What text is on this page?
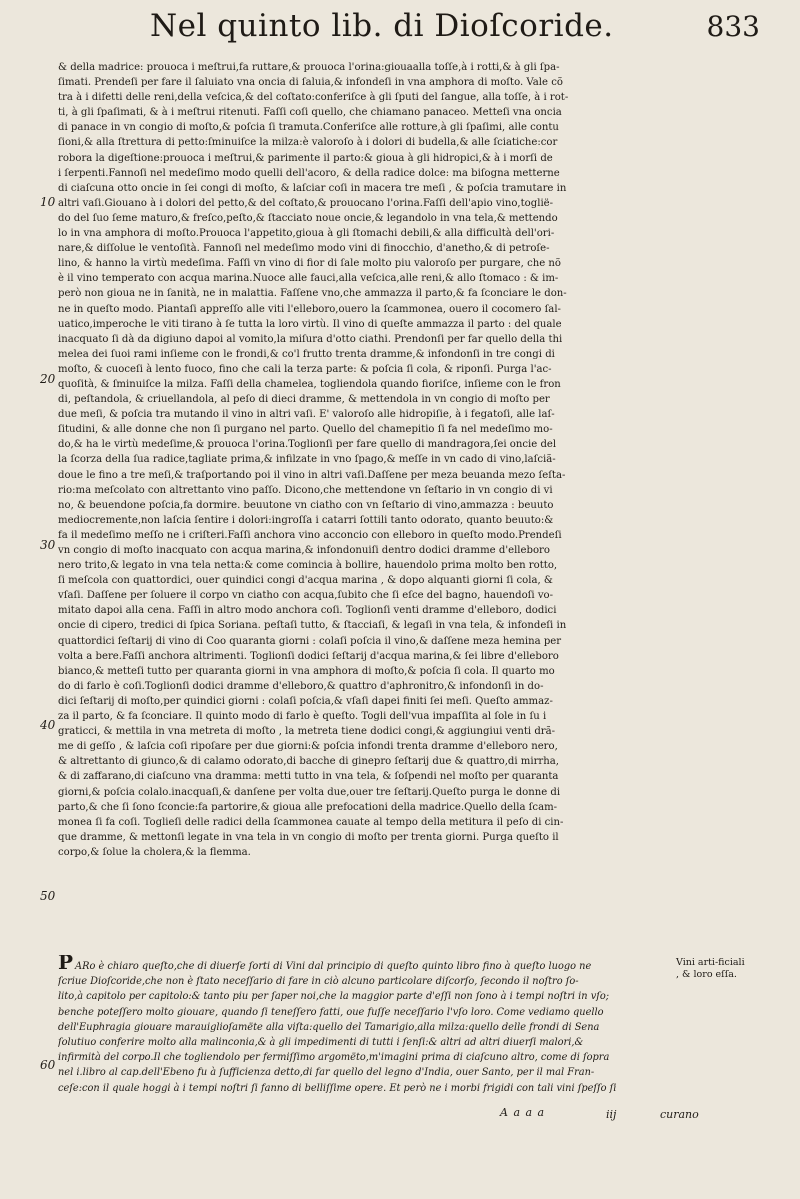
Nel quinto lib. di Dioſcoride.	833
10
20
30
40
50
60
& della madrice: prouoca i meſtrui,fa ruttare,& prouoca l'orina:giouaalla toſſe,à i rotti,& à gli ſpa-
ſimati. Prendeſi per fare il ſaluiato vna oncia di ſaluia,& infondeſi in vna amphora di moſto. Vale cõ
tra à i difetti delle reni,della veſcica,& del coſtato:conferiſce à gli ſputi del ſangue, alla toſſe, à i rot-
ti, à gli ſpaſimati, & à i meſtrui ritenuti. Faſſi coſi quello, che chiamano panaceo. Metteſi vna oncia
di panace in vn congio di moſto,& poſcia ſi tramuta.Conferiſce alle rotture,à gli ſpaſimi, alle contu
ſioni,& alla ſtrettura di petto:ſminuiſce la milza:è valoroſo à i dolori di budella,& alle ſciatiche:cor
robora la digeſtione:prouoca i meſtrui,& parimente il parto:& gioua à gli hidropici,& à i morſi de
i ſerpenti.Fannoſi nel medeſimo modo quelli dell'acoro, & della radice dolce: ma biſogna metterne
di ciaſcuna otto oncie in ſei congi di moſto, & laſciar coſi in macera tre meſi , & poſcia tramutare in
altri vaſi.Giouano à i dolori del petto,& del coſtato,& prouocano l'orina.Faſſi dell'apio vino,toglië-
do del ſuo ſeme maturo,& freſco,peſto,& ſtacciato noue oncie,& legandolo in vna tela,& mettendo
lo in vna amphora di moſto.Prouoca l'appetito,gioua à gli ſtomachi debili,& alla difficultà dell'ori-
nare,& diſſolue le ventoſità. Fannoſi nel medeſimo modo vini di finocchio, d'anetho,& di petroſe-
lino, & hanno la virtù medeſima. Faſſi vn vino di fior di ſale molto piu valoroſo per purgare, che nõ
è il vino temperato con acqua marina.Nuoce alle fauci,alla veſcica,alle reni,& allo ſtomaco : & im-
però non gioua ne in ſanità, ne in malattia. Faſſene vno,che ammazza il parto,& fa ſconciare le don-
ne in queſto modo. Piantaſi appreſſo alle viti l'elleboro,ouero la ſcammonea, ouero il cocomero ſal-
uatico,imperoche le viti tirano à ſe tutta la loro virtù. Il vino di queſte ammazza il parto : del quale
inacquato ſi dà da digiuno dapoi al vomito,la miſura d'otto ciathi. Prendonſi per far quello della thi
melea dei ſuoi rami inſieme con le frondi,& co'l frutto trenta dramme,& infondonſi in tre congi di
moſto, & cuoceſi à lento fuoco, fino che cali la terza parte: & poſcia ſi cola, & riponſi. Purga l'ac-
quoſità, & ſminuiſce la milza. Faſſi della chamelea, togliendola quando fioriſce, inſieme con le fron
di, peſtandola, & criuellandola, al peſo di dieci dramme, & mettendola in vn congio di moſto per
due meſi, & poſcia tra mutando il vino in altri vaſi. E' valoroſo alle hidropiſie, à i fegatoſi, alle laſ-
ſitudini, & alle donne che non ſi purgano nel parto. Quello del chamepitio ſi fa nel medeſimo mo-
do,& ha le virtù medeſime,& prouoca l'orina.Toglionſi per fare quello di mandragora,ſei oncie del
la ſcorza della ſua radice,tagliate prima,& infilzate in vno ſpago,& meſſe in vn cado di vino,laſciã-
doue le fino a tre meſi,& traſportando poi il vino in altri vaſi.Daſſene per meza beuanda mezo ſeſta-
rio:ma meſcolato con altrettanto vino paſſo. Dicono,che mettendone vn ſeſtario in vn congio di vi
no, & beuendone poſcia,fa dormire. beuutone vn ciatho con vn ſeſtario di vino,ammazza : beuuto
mediocremente,non laſcia ſentire i dolori:ingroſſa i catarri ſottili tanto odorato, quanto beuuto:&
fa il medeſimo meſſo ne i criſteri.Faſſi anchora vino acconcio con elleboro in queſto modo.Prendeſi
vn congio di moſto inacquato con acqua marina,& infondonuiſi dentro dodici dramme d'elleboro
nero trito,& legato in vna tela netta:& come comincia à bollire, hauendolo prima molto ben rotto,
ſi meſcola con quattordici, ouer quindici congi d'acqua marina , & dopo alquanti giorni ſi cola, &
vſaſi. Daſſene per ſoluere il corpo vn ciatho con acqua,ſubito che ſi eſce del bagno, hauendoſi vo-
mitato dapoi alla cena. Faſſi in altro modo anchora coſi. Toglionſi venti dramme d'elleboro, dodici
oncie di cipero, tredici di ſpica Soriana. peſtaſi tutto, & ſtacciaſi, & legaſi in vna tela, & infondeſi in
quattordici ſeſtarij di vino di Coo quaranta giorni : colaſi poſcia il vino,& daſſene meza hemina per
volta a bere.Faſſi anchora altrimenti. Toglionſi dodici ſeſtarij d'acqua marina,& ſei libre d'elleboro
bianco,& metteſi tutto per quaranta giorni in vna amphora di moſto,& poſcia ſi cola. Il quarto mo
do di farlo è coſi.Toglionſi dodici dramme d'elleboro,& quattro d'aphronitro,& infondonſi in do-
dici ſeſtarij di moſto,per quindici giorni : colaſi poſcia,& vſaſi dapei finiti ſei meſi. Queſto ammaz-
za il parto, & fa ſconciare. Il quinto modo di farlo è queſto. Togli dell'vua impaſſita al ſole in ſu i
graticci, & mettila in vna metreta di moſto , la metreta tiene dodici congi,& aggiungiui venti drã-
me di geſſo , & laſcia coſi ripoſare per due giorni:& poſcia infondi trenta dramme d'elleboro nero,
& altrettanto di giunco,& di calamo odorato,di bacche di ginepro ſeſtarij due & quattro,di mirrha,
& di zaffarano,di ciaſcuno vna dramma: metti tutto in vna tela, & ſoſpendi nel moſto per quaranta
giorni,& poſcia colalo.inacquaſi,& danſene per volta due,ouer tre ſeſtarij.Queſto purga le donne di
parto,& che ſi ſono ſconcie:fa partorire,& gioua alle prefocationi della madrice.Quello della ſcam-
monea ſi fa coſi. Toglieſi delle radici della ſcammonea cauate al tempo della metitura il peſo di cin-
que dramme, & mettonſi legate in vna tela in vn congio di moſto per trenta giorni. Purga queſto il
corpo,& ſolue la cholera,& la flemma.
P ARo è chiaro queſto,che di diuerſe ſorti di Vini dal principio di queſto quinto libro fino à queſto luogo ne
ſcriue Dioſcoride,che non è ſtato neceſſario di fare in ciò alcuno particolare diſcorſo, ſecondo il noſtro ſo-
lito,à capitolo per capitolo:& tanto piu per ſaper noi,che la maggior parte d'eſſi non ſono à i tempi noſtri in vſo;
benche poteſſero molto giouare, quando ſi teneſſero fatti, oue fuſſe neceſſario l'vſo loro. Come vediamo quello
dell'Euphragia giouare marauiglioſamëte alla viſta:quello del Tamarigio,alla milza:quello delle frondi di Sena
ſolutiuo conferire molto alla malinconia,& à gli impedimenti di tutti i ſenſi:& altri ad altri diuerſi malori,&
infirmità del corpo.Il che togliendolo per fermiſſimo argomëto,m'imagini prima di ciaſcuno altro, come di ſopra
nel i.libro al cap.dell'Ebeno fu à ſufficienza detto,di far quello del legno d'India, ouer Santo, per il mal Fran-
ceſe:con il quale hoggi à i tempi noſtri ſi fanno di belliſſime opere. Et però ne i morbi frigidi con tali vini ſpeſſo ſi
Vini arti-ficiali , & loro eſſa.
A a a a	iij	curano
